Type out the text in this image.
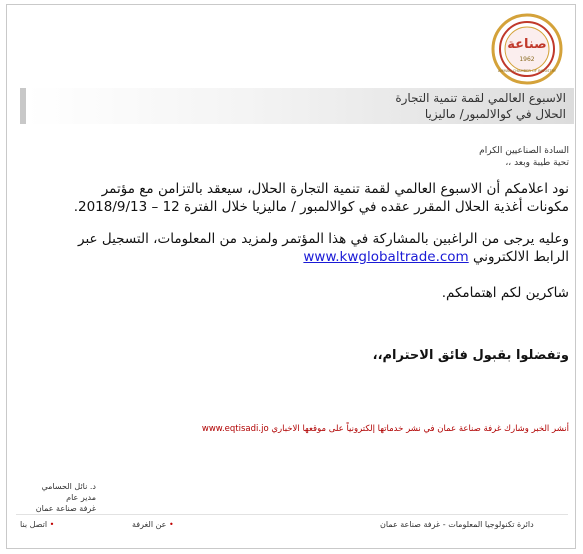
صناعة
1962
AMMAN CHAMBER OF INDUSTRY
الاسبوع العالمي لقمة تنمية التجارة
الحلال في كوالالمبور/ ماليزيا
السادة الصناعيين الكرام
تحية طيبة وبعد ،،
نود اعلامكم أن الاسبوع العالمي لقمة تنمية التجارة الحلال، سيعقد بالتزامن مع مؤتمر
مكونات أغذية الحلال المقرر عقده في كوالالمبور / ماليزيا خلال الفترة 12 – 2018/9/13.
وعليه يرجى من الراغبين بالمشاركة في هذا المؤتمر ولمزيد من المعلومات، التسجيل عبر
الرابط الالكتروني www.kwglobaltrade.com
شاكرين لكم اهتمامكم.
وتفضلوا بقبول فائق الاحترام،،
أنشر الخبر وشارك غرفة صناعة عمان في نشر خدماتها إلكترونياً على موقعها الاخباري www.eqtisadi.jo
د. نائل الحسامي
مدير عام
غرفة صناعة عمان
دائرة تكنولوجيا المعلومات - غرفة صناعة عمان
• عن الغرفة
• اتصل بنا
